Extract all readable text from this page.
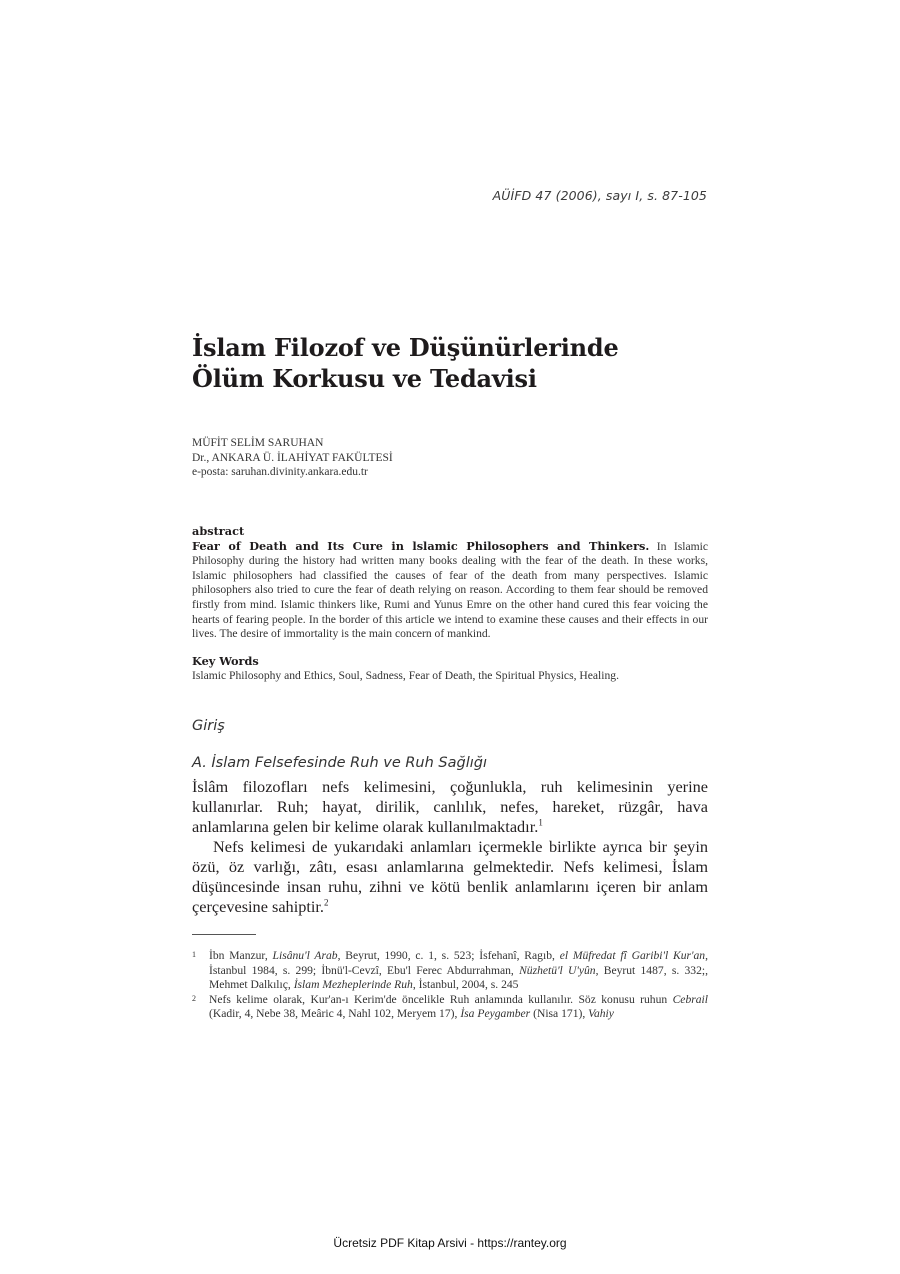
AÜİFD 47 (2006), sayı I, s. 87-105
İslam Filozof ve Düşünürlerinde
Ölüm Korkusu ve Tedavisi
MÜFİT SELİM SARUHAN
Dr., ANKARA Ü. İLAHİYAT FAKÜLTESİ
e-posta: saruhan.divinity.ankara.edu.tr
abstract
Fear of Death and Its Cure in lslamic Philosophers and Thinkers. In Islamic Philosophy during the history had written many books dealing with the fear of the death. In these works, Islamic philosophers had classified the causes of fear of the death from many perspectives. Islamic philosophers also tried to cure the fear of death relying on reason. According to them fear should be removed firstly from mind. Islamic thinkers like, Rumi and Yunus Emre on the other hand cured this fear voicing the hearts of fearing people. In the border of this article we intend to examine these causes and their effects in our lives. The desire of immortality is the main concern of mankind.
Key Words
Islamic Philosophy and Ethics, Soul, Sadness, Fear of Death, the Spiritual Physics, Healing.
Giriş
A. İslam Felsefesinde Ruh ve Ruh Sağlığı

İslâm filozofları nefs kelimesini, çoğunlukla, ruh kelimesinin yerine kullanırlar. Ruh; hayat, dirilik, canlılık, nefes, hareket, rüzgâr, hava anlamlarına gelen bir kelime olarak kullanılmaktadır.$^1$

Nefs kelimesi de yukarıdaki anlamları içermekle birlikte ayrıca bir şeyin özü, öz varlığı, zâtı, esası anlamlarına gelmektedir. Nefs kelimesi, İslam düşüncesinde insan ruhu, zihni ve kötü benlik anlamlarını içeren bir anlam çerçevesine sahiptir.$^2$

1 İbn Manzur, Lisânu'l Arab, Beyrut, 1990, c. 1, s. 523; İsfehanî, Ragıb, el Müfredat fî Garibi'l Kur'an, İstanbul 1984, s. 299; İbnü'l-Cevzî, Ebu'l Ferec Abdurrahman, Nüzhetü'l U'yûn, Beyrut 1487, s. 332;, Mehmet Dalkılıç, İslam Mezheplerinde Ruh, İstanbul, 2004, s. 245
2 Nefs kelime olarak, Kur'an-ı Kerim'de öncelikle Ruh anlamında kullanılır. Söz konusu ruhun Cebrail (Kadir, 4, Nebe 38, Meâric 4, Nahl 102, Meryem 17), İsa Peygamber (Nisa 171), Vahiy
Ücretsiz PDF Kitap Arsivi - https://rantey.org
